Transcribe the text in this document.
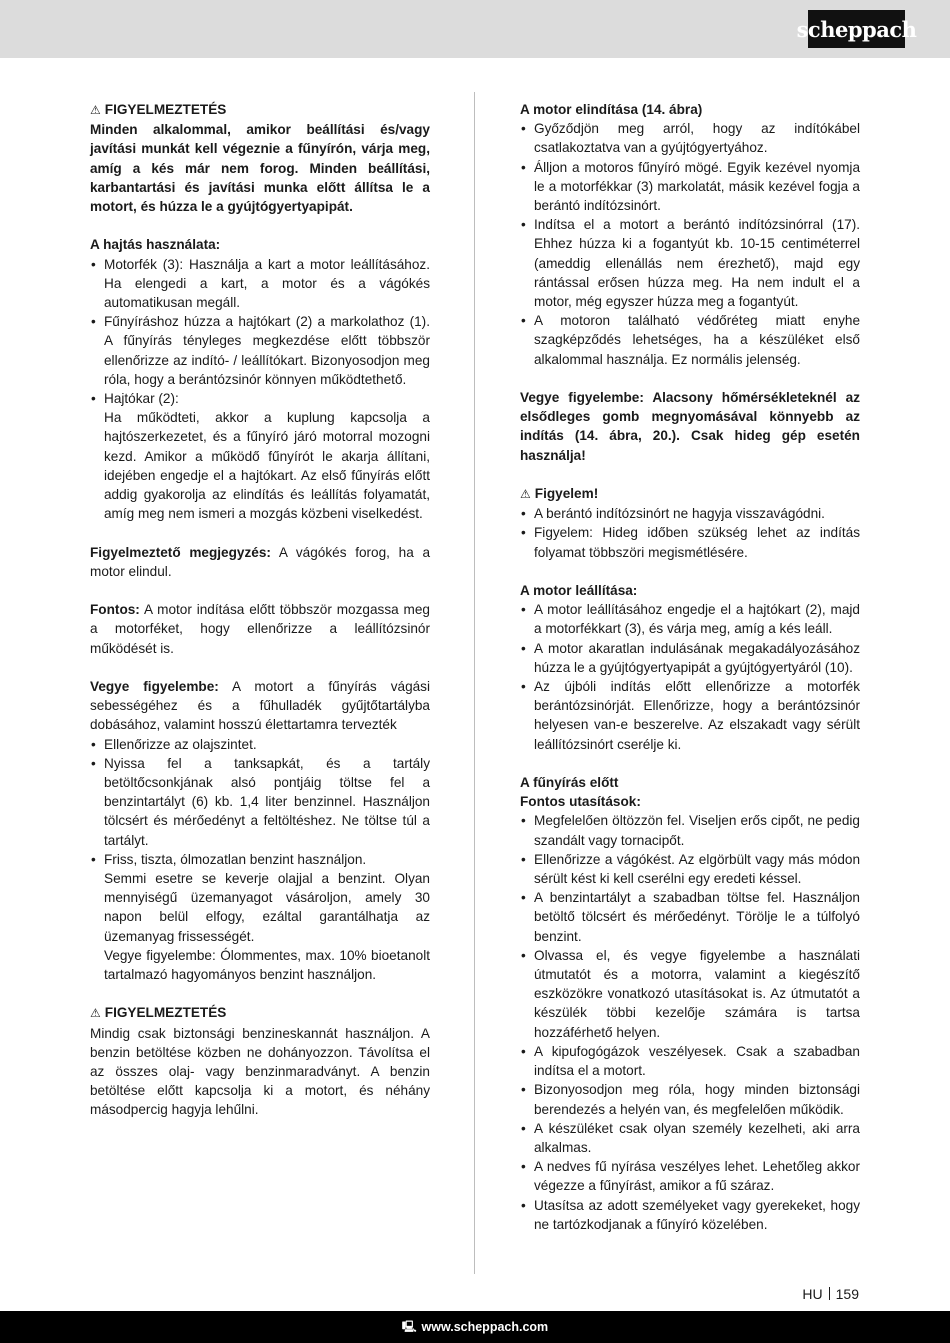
scheppach

⚠ FIGYELMEZTETÉS

Minden alkalommal, amikor beállítási és/vagy javítási munkát kell végeznie a fűnyírón, várja meg, amíg a kés már nem forog. Minden beállítási, karbantartási és javítási munka előtt állítsa le a motort, és húzza le a gyújtógyertyapipát.

A hajtás használata:

• Motorfék (3): Használja a kart a motor leállításához. Ha elengedi a kart, a motor és a vágókés automatikusan megáll.
• Fűnyíráshoz húzza a hajtókart (2) a markolathoz (1). A fűnyírás tényleges megkezdése előtt többször ellenőrizze az indító- / leállítókart. Bizonyosodjon meg róla, hogy a berántózsinór könnyen működtethető.
• Hajtókar (2):

Ha működteti, akkor a kuplung kapcsolja a hajtószerkezetet, és a fűnyíró járó motorral mozogni kezd. Amikor a működő fűnyírót le akarja állítani, idejében engedje el a hajtókart. Az első fűnyírás előtt addig gyakorolja az elindítás és leállítás folyamatát, amíg meg nem ismeri a mozgás közbeni viselkedést.

Figyelmeztető megjegyzés: A vágókés forog, ha a motor elindul.

Fontos: A motor indítása előtt többször mozgassa meg a motorféket, hogy ellenőrizze a leállítózsinór működését is.

Vegye figyelembe: A motort a fűnyírás vágási sebességéhez és a fűhulladék gyűjtőtartályba dobásához, valamint hosszú élettartamra tervezték

• Ellenőrizze az olajszintet.
• Nyissa fel a tanksapkát, és a tartály betöltőcsonkjának alsó pontjáig töltse fel a benzintartályt (6) kb. 1,4 liter benzinnel. Használjon tölcsért és mérőedényt a feltöltéshez. Ne töltse túl a tartályt.
• Friss, tiszta, ólmozatlan benzint használjon.

Semmi esetre se keverje olajjal a benzint. Olyan mennyiségű üzemanyagot vásároljon, amely 30 napon belül elfogy, ezáltal garantálhatja az üzemanyag frissességét.

Vegye figyelembe: Ólommentes, max. 10% bioetanolt tartalmazó hagyományos benzint használjon.

⚠ FIGYELMEZTETÉS

Mindig csak biztonsági benzineskannát használjon. A benzin betöltése közben ne dohányozzon. Távolítsa el az összes olaj- vagy benzinmaradványt. A benzin betöltése előtt kapcsolja ki a motort, és néhány másodpercig hagyja lehűlni.

A motor elindítása (14. ábra)

• Győződjön meg arról, hogy az indítókábel csatlakoztatva van a gyújtógyertyához.
• Álljon a motoros fűnyíró mögé. Egyik kezével nyomja le a motorfékkar (3) markolatát, másik kezével fogja a berántó indítózsinórt.
• Indítsa el a motort a berántó indítózsinórral (17). Ehhez húzza ki a fogantyút kb. 10-15 centiméterrel (ameddig ellenállás nem érezhető), majd egy rántással erősen húzza meg. Ha nem indult el a motor, még egyszer húzza meg a fogantyút.
• A motoron található védőréteg miatt enyhe szagképződés lehetséges, ha a készüléket első alkalommal használja. Ez normális jelenség.

Vegye figyelembe: Alacsony hőmérsékleteknél az elsődleges gomb megnyomásával könnyebb az indítás (14. ábra, 20.). Csak hideg gép esetén használja!

⚠ Figyelem!

• A berántó indítózsinórt ne hagyja visszavágódni.
• Figyelem: Hideg időben szükség lehet az indítás folyamat többszöri megismétlésére.

A motor leállítása:

• A motor leállításához engedje el a hajtókart (2), majd a motorfékkart (3), és várja meg, amíg a kés leáll.
• A motor akaratlan indulásának megakadályozásához húzza le a gyújtógyertyapipát a gyújtógyertyáról (10).
• Az újbóli indítás előtt ellenőrizze a motorfék berántózsinórját. Ellenőrizze, hogy a berántózsinór helyesen van-e beszerelve. Az elszakadt vagy sérült leállítózsinórt cserélje ki.

A fűnyírás előtt

Fontos utasítások:

• Megfelelően öltözzön fel. Viseljen erős cipőt, ne pedig szandált vagy tornacipőt.
• Ellenőrizze a vágókést. Az elgörbült vagy más módon sérült kést ki kell cserélni egy eredeti késsel.
• A benzintartályt a szabadban töltse fel. Használjon betöltő tölcsért és mérőedényt. Törölje le a túlfolyó benzint.
• Olvassa el, és vegye figyelembe a használati útmutatót és a motorra, valamint a kiegészítő eszközökre vonatkozó utasításokat is. Az útmutatót a készülék többi kezelője számára is tartsa hozzáférhető helyen.
• A kipufogógázok veszélyesek. Csak a szabadban indítsa el a motort.
• Bizonyosodjon meg róla, hogy minden biztonsági berendezés a helyén van, és megfelelően működik.
• A készüléket csak olyan személy kezelheti, aki arra alkalmas.
• A nedves fű nyírása veszélyes lehet. Lehetőleg akkor végezze a fűnyírást, amikor a fű száraz.
• Utasítsa az adott személyeket vagy gyerekeket, hogy ne tartózkodjanak a fűnyíró közelében.
HU 159
🖳 www.scheppach.com
